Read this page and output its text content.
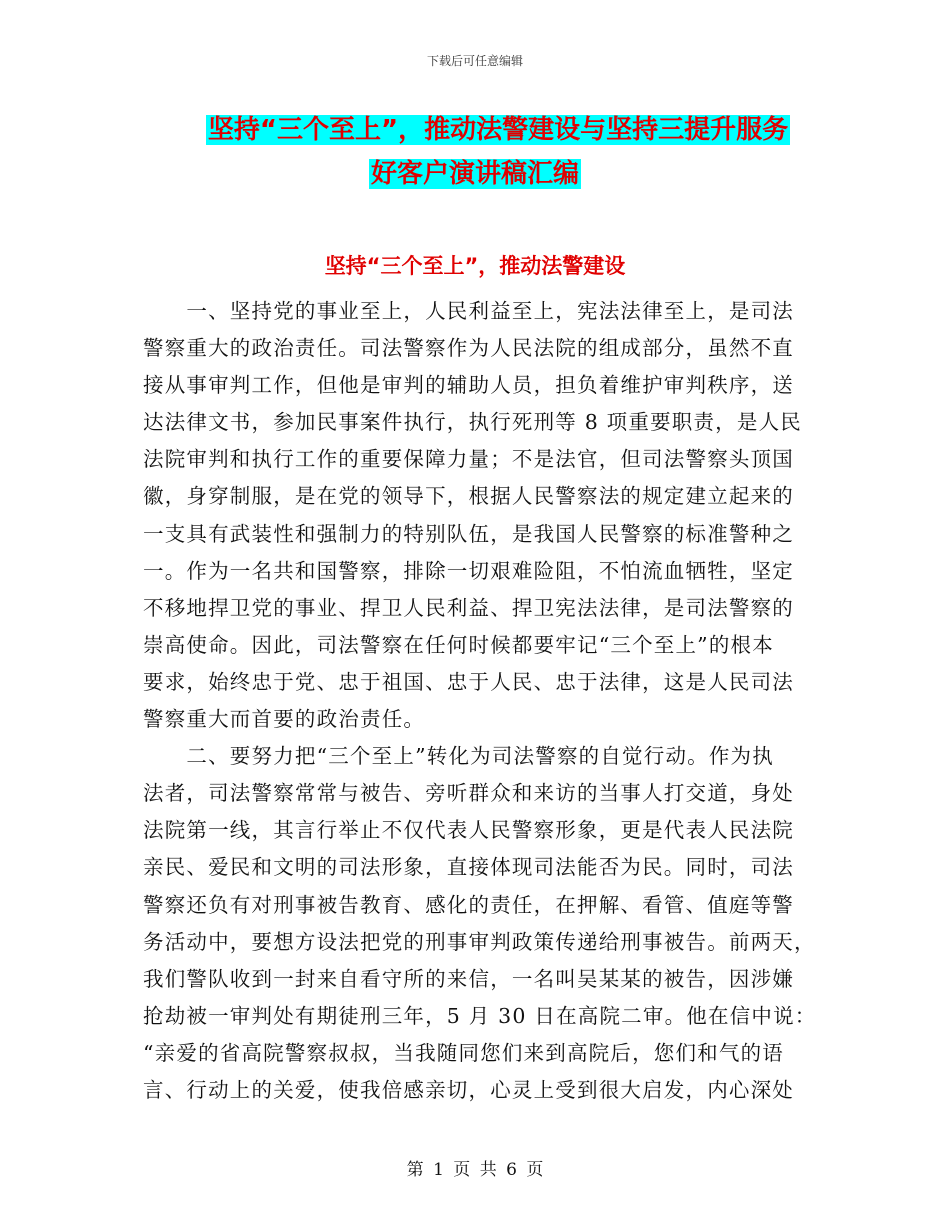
下载后可任意编辑
坚持“三个至上”，推动法警建设与坚持三提升服务
好客户演讲稿汇编
坚持“三个至上”，推动法警建设
　　一、坚持党的事业至上，人民利益至上，宪法法律至上，是司法
警察重大的政治责任。司法警察作为人民法院的组成部分，虽然不直
接从事审判工作，但他是审判的辅助人员，担负着维护审判秩序，送
达法律文书，参加民事案件执行，执行死刑等 8 项重要职责，是人民
法院审判和执行工作的重要保障力量；不是法官，但司法警察头顶国
徽，身穿制服，是在党的领导下，根据人民警察法的规定建立起来的
一支具有武装性和强制力的特别队伍，是我国人民警察的标准警种之
一。作为一名共和国警察，排除一切艰难险阻，不怕流血牺牲，坚定
不移地捍卫党的事业、捍卫人民利益、捍卫宪法法律，是司法警察的
崇高使命。因此，司法警察在任何时候都要牢记“三个至上”的根本
要求，始终忠于党、忠于祖国、忠于人民、忠于法律，这是人民司法
警察重大而首要的政治责任。
　　二、要努力把“三个至上”转化为司法警察的自觉行动。作为执
法者，司法警察常常与被告、旁听群众和来访的当事人打交道，身处
法院第一线，其言行举止不仅代表人民警察形象，更是代表人民法院
亲民、爱民和文明的司法形象，直接体现司法能否为民。同时，司法
警察还负有对刑事被告教育、感化的责任，在押解、看管、值庭等警
务活动中，要想方设法把党的刑事审判政策传递给刑事被告。前两天，
我们警队收到一封来自看守所的来信，一名叫吴某某的被告，因涉嫌
抢劫被一审判处有期徒刑三年，5 月 30 日在高院二审。他在信中说：
“亲爱的省高院警察叔叔，当我随同您们来到高院后，您们和气的语
言、行动上的关爱，使我倍感亲切，心灵上受到很大启发，内心深处
第 1 页 共 6 页
